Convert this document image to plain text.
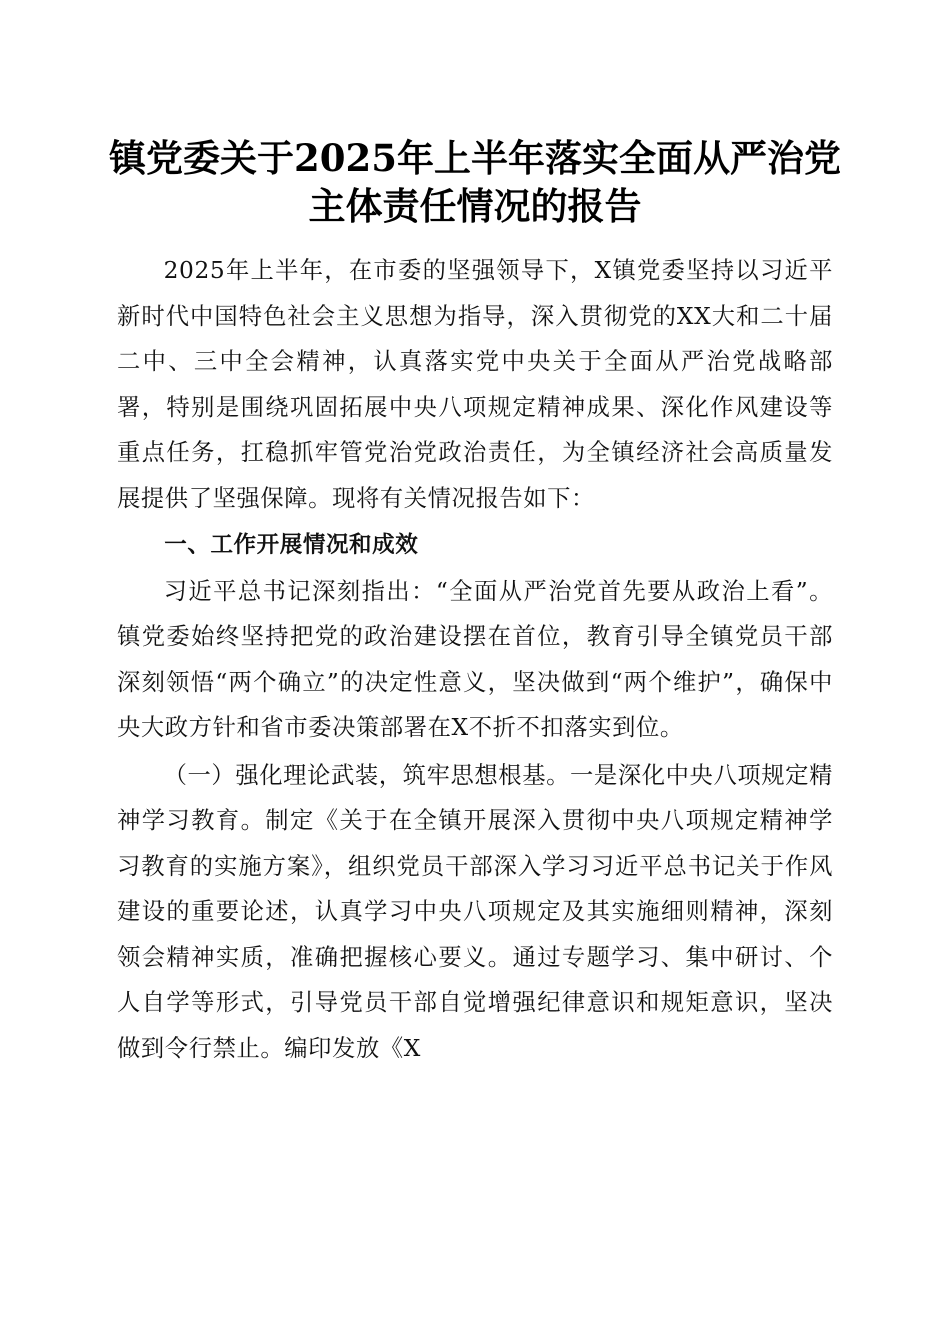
镇党委关于2025年上半年落实全面从严治党
主体责任情况的报告

2025年上半年，在市委的坚强领导下，X镇党委坚持以习近平新时代中国特色社会主义思想为指导，深入贯彻党的XX大和二十届二中、三中全会精神，认真落实党中央关于全面从严治党战略部署，特别是围绕巩固拓展中央八项规定精神成果、深化作风建设等重点任务，扛稳抓牢管党治党政治责任，为全镇经济社会高质量发展提供了坚强保障。现将有关情况报告如下：

一、工作开展情况和成效

习近平总书记深刻指出：“全面从严治党首先要从政治上看”。镇党委始终坚持把党的政治建设摆在首位，教育引导全镇党员干部深刻领悟“两个确立”的决定性意义，坚决做到“两个维护”，确保中央大政方针和省市委决策部署在X不折不扣落实到位。

（一）强化理论武装，筑牢思想根基。一是深化中央八项规定精神学习教育。制定《关于在全镇开展深入贯彻中央八项规定精神学习教育的实施方案》，组织党员干部深入学习习近平总书记关于作风建设的重要论述，认真学习中央八项规定及其实施细则精神，深刻领会精神实质，准确把握核心要义。通过专题学习、集中研讨、个人自学等形式，引导党员干部自觉增强纪律意识和规矩意识，坚决做到令行禁止。编印发放《X
